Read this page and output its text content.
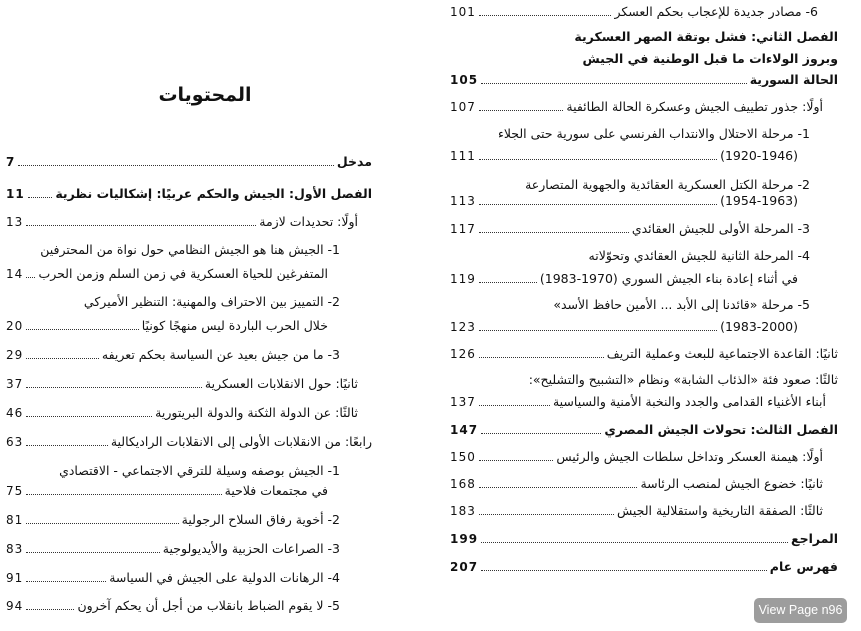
المحتويات
مدخل
7
الفصل الأول: الجيش والحكم عربيًا: إشكاليات نظرية
11
أولًا: تحديدات لازمة
13
1- الجيش هنا هو الجيش النظامي حول نواة من المحترفين
المتفرغين للحياة العسكرية في زمن السلم وزمن الحرب
14
2- التمييز بين الاحتراف والمهنية: التنظير الأميركي
خلال الحرب الباردة ليس منهجًا كونيًا
20
3- ما من جيش بعيد عن السياسة بحكم تعريفه
29
ثانيًا: حول الانقلابات العسكرية
37
ثالثًا: عن الدولة الثكنة والدولة البريتورية
46
رابعًا: من الانقلابات الأولى إلى الانقلابات الراديكالية
63
1- الجيش بوصفه وسيلة للترقي الاجتماعي - الاقتصادي
في مجتمعات فلاحية
75
2- أخوية رفاق السلاح الرجولية
81
3- الصراعات الحزبية والأيديولوجية
83
4- الرهانات الدولية على الجيش في السياسة
91
5- لا يقوم الضباط بانقلاب من أجل أن يحكم آخرون
94
6- مصادر جديدة للإعجاب بحكم العسكر
101
الفصل الثاني: فشل بوتقة الصهر العسكرية
وبروز الولاءات ما قبل الوطنية في الجيش
الحالة السورية
105
أولًا: جذور تطييف الجيش وعسكرة الحالة الطائفية
107
1- مرحلة الاحتلال والانتداب الفرنسي على سورية حتى الجلاء
(1920-1946)
111
2- مرحلة الكتل العسكرية العقائدية والجهوية المتصارعة
(1954-1963)
113
3- المرحلة الأولى للجيش العقائدي
117
4- المرحلة الثانية للجيش العقائدي وتحوّلاته
في أثناء إعادة بناء الجيش السوري (1970-1983)
119
5- مرحلة «قائدنا إلى الأبد ... الأمين حافظ الأسد»
(1983-2000)
123
ثانيًا: القاعدة الاجتماعية للبعث وعملية التريف
126
ثالثًا: صعود فئة «الذئاب الشابة» ونظام «التشبيح والتشليح»:
أبناء الأغنياء القدامى والجدد والنخبة الأمنية والسياسية
137
الفصل الثالث: تحولات الجيش المصري
147
أولًا: هيمنة العسكر وتداخل سلطات الجيش والرئيس
150
ثانيًا: خضوع الجيش لمنصب الرئاسة
168
ثالثًا: الصفقة التاريخية واستقلالية الجيش
183
المراجع
199
فهرس عام
207
View Page n96
